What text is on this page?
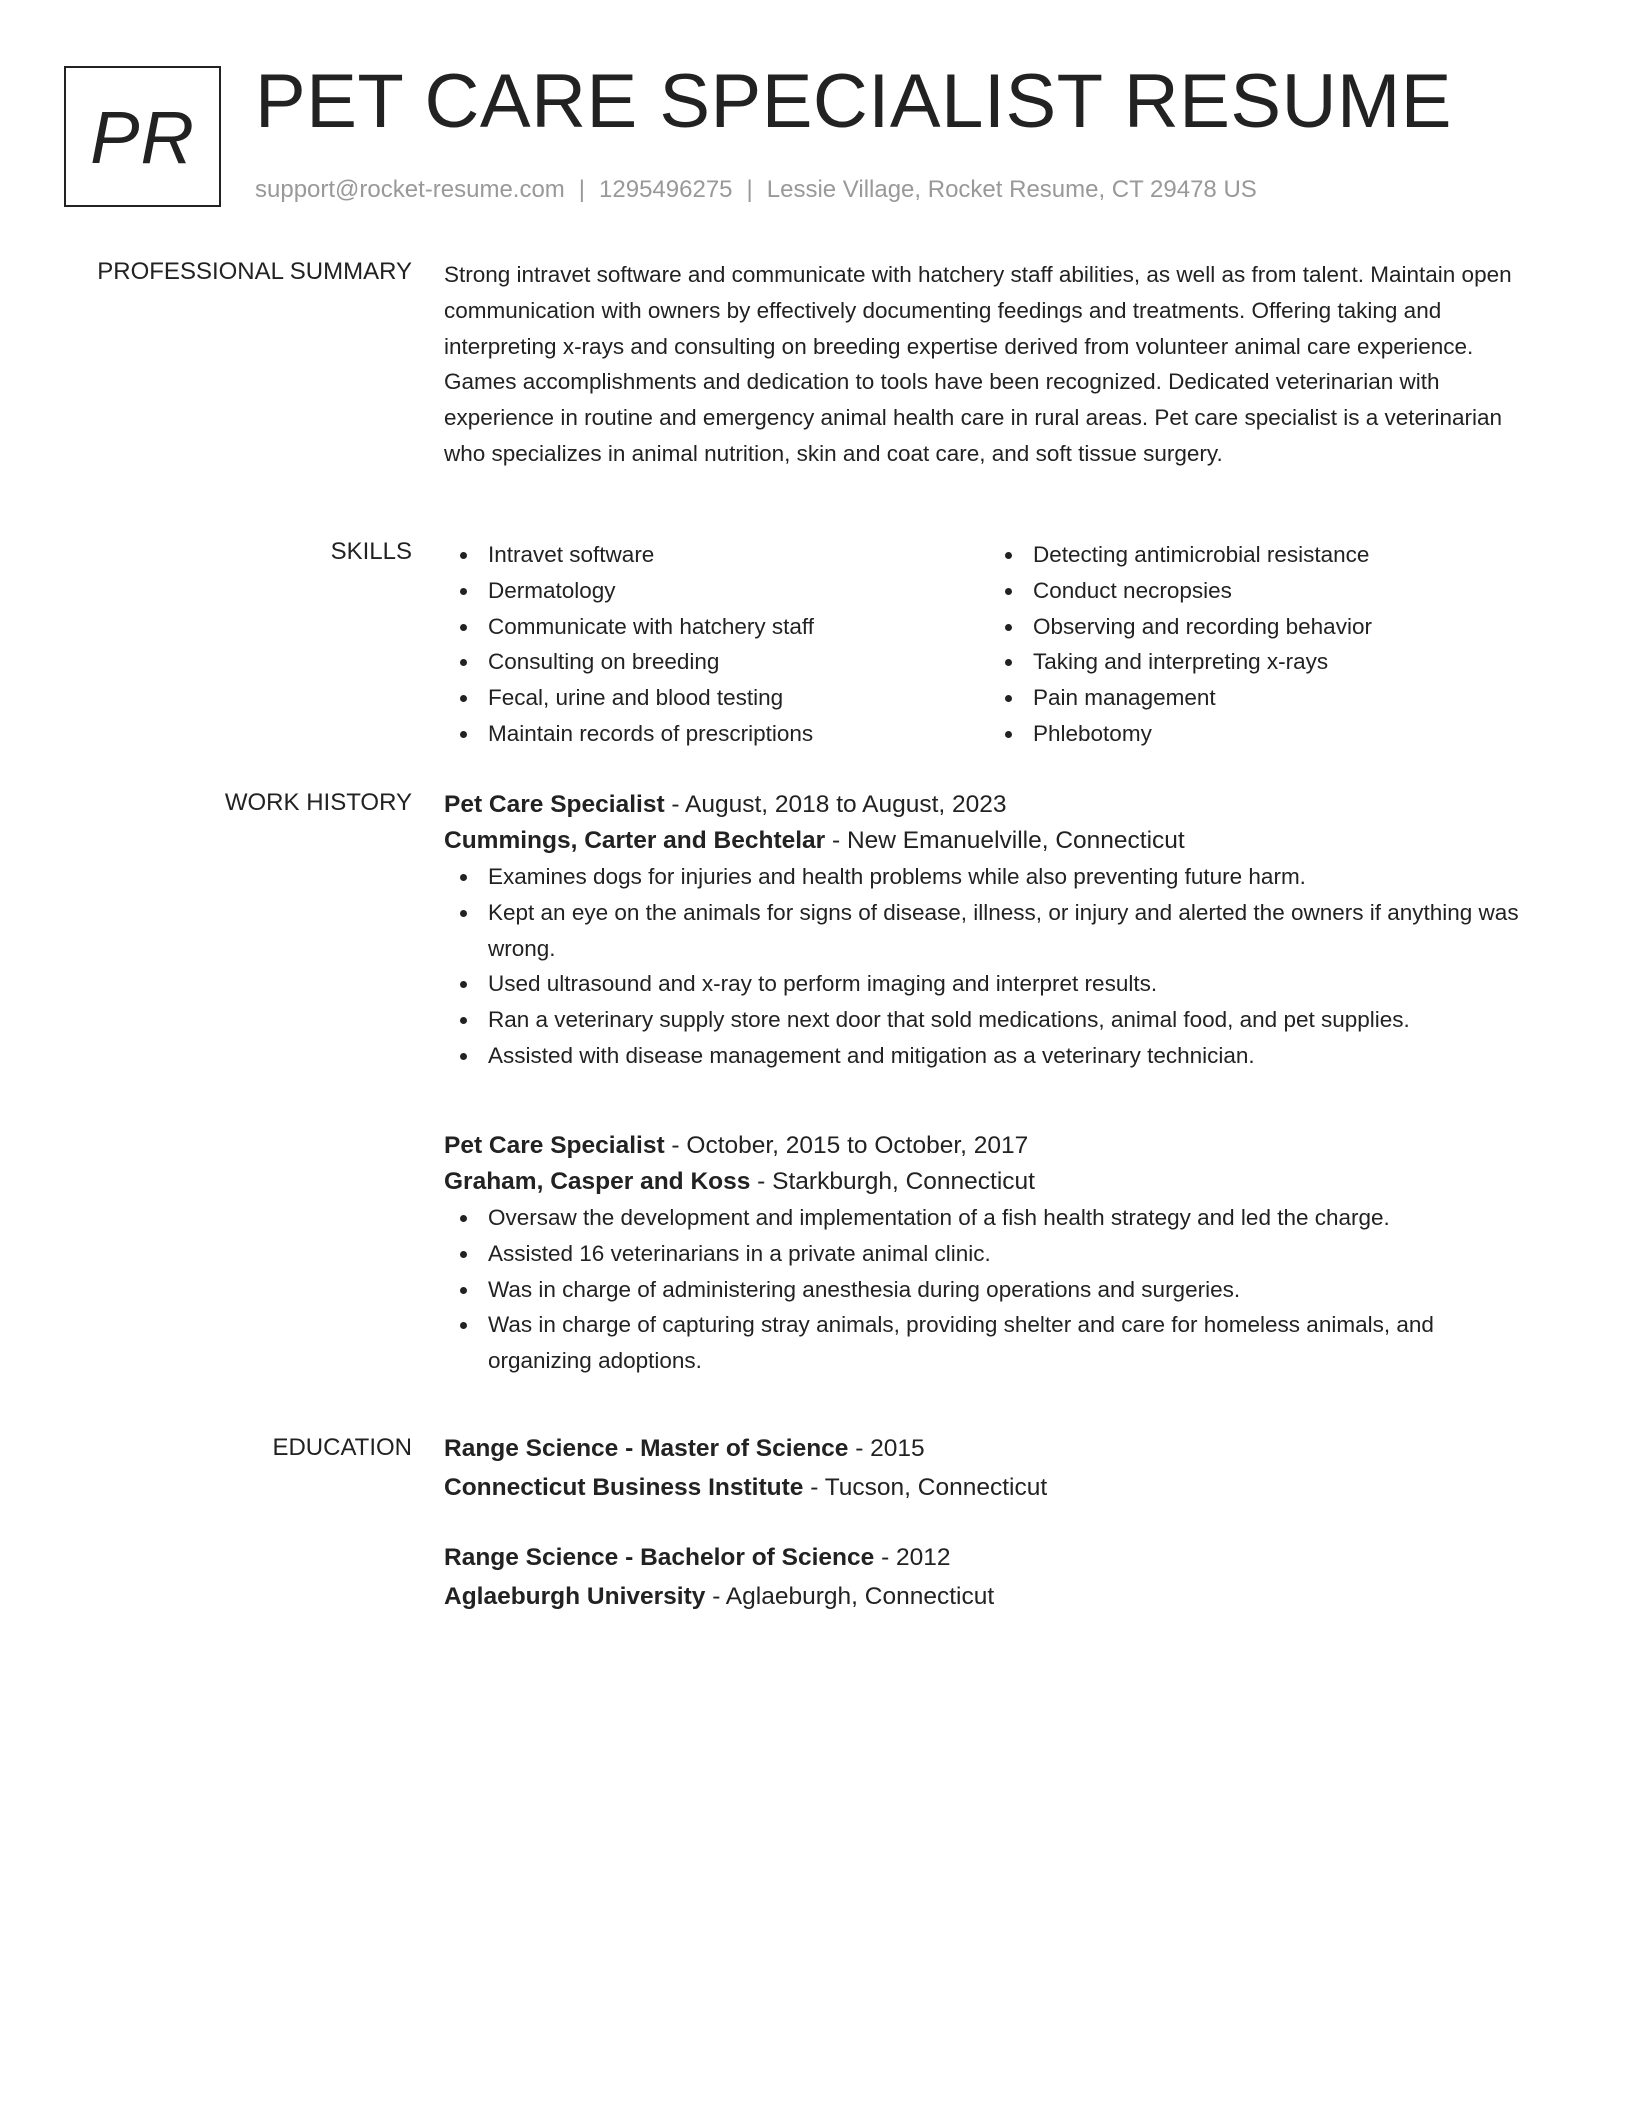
PR PET CARE SPECIALIST RESUME
support@rocket-resume.com | 1295496275 | Lessie Village, Rocket Resume, CT 29478 US
PROFESSIONAL SUMMARY Strong intravet software and communicate with hatchery staff abilities, as well as from talent. Maintain open communication with owners by effectively documenting feedings and treatments. Offering taking and interpreting x-rays and consulting on breeding expertise derived from volunteer animal care experience. Games accomplishments and dedication to tools have been recognized. Dedicated veterinarian with experience in routine and emergency animal health care in rural areas. Pet care specialist is a veterinarian who specializes in animal nutrition, skin and coat care, and soft tissue surgery.

SKILLS	Intravet software
Dermatology
Communicate with hatchery staff
Consulting on breeding
Fecal, urine and blood testing
Maintain records of prescriptions
Detecting antimicrobial resistance
Conduct necropsies
Observing and recording behavior
Taking and interpreting x-rays
Pain management
Phlebotomy
WORK HISTORY Pet Care Specialist - August, 2018 to August, 2023
Cummings, Carter and Bechtelar - New Emanuelville, Connecticut
Examines dogs for injuries and health problems while also preventing future harm.
Kept an eye on the animals for signs of disease, illness, or injury and alerted the owners if anything was wrong.
Used ultrasound and x-ray to perform imaging and interpret results.
Ran a veterinary supply store next door that sold medications, animal food, and pet supplies.
Assisted with disease management and mitigation as a veterinary technician.
Pet Care Specialist - October, 2015 to October, 2017
Graham, Casper and Koss - Starkburgh, Connecticut
Oversaw the development and implementation of a fish health strategy and led the charge.
Assisted 16 veterinarians in a private animal clinic.
Was in charge of administering anesthesia during operations and surgeries.
Was in charge of capturing stray animals, providing shelter and care for homeless animals, and organizing adoptions.
EDUCATION Range Science - Master of Science - 2015
Connecticut Business Institute - Tucson, Connecticut
Range Science - Bachelor of Science - 2012
Aglaeburgh University - Aglaeburgh, Connecticut
